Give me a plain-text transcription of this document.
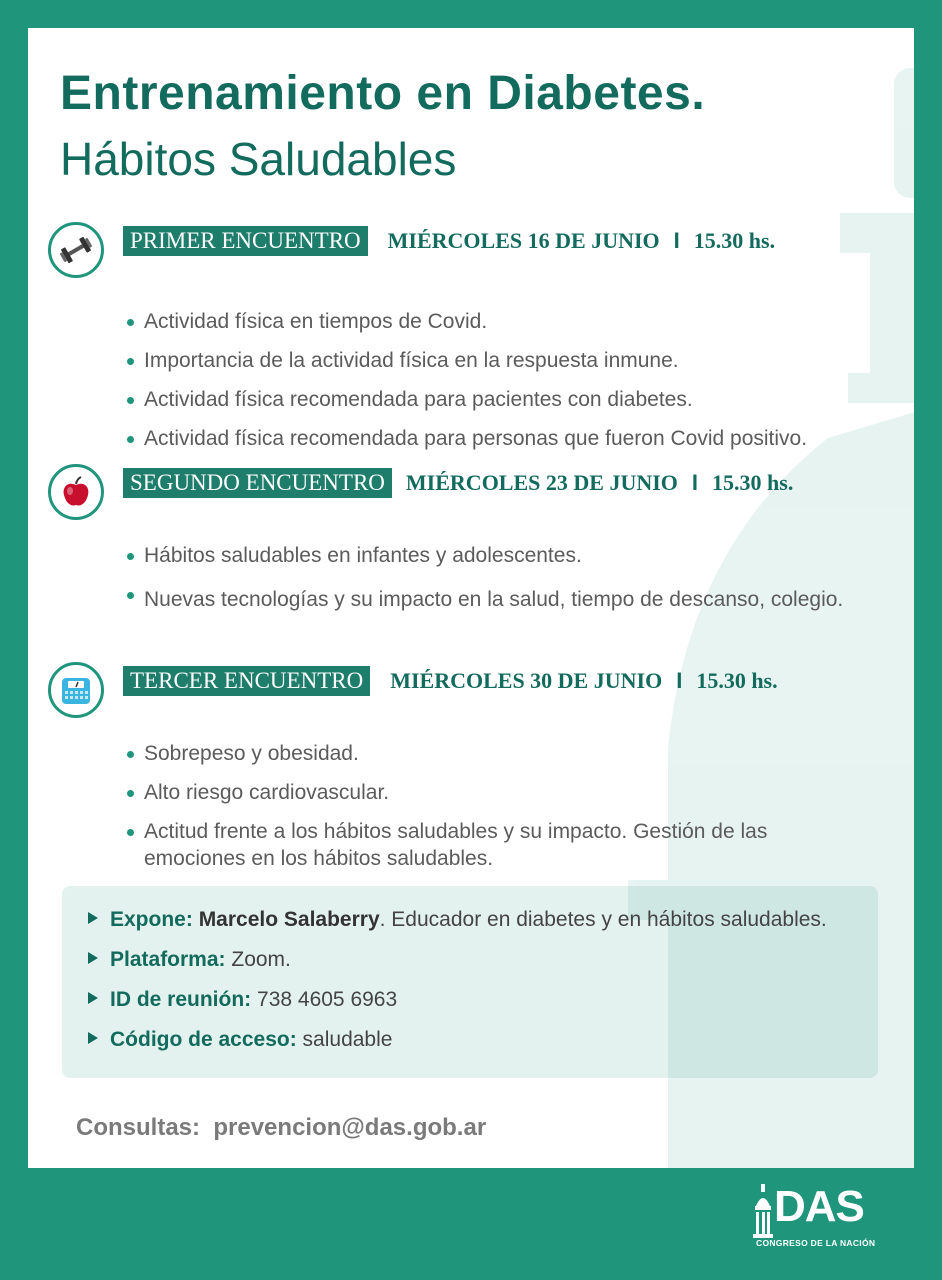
Entrenamiento en Diabetes.
Hábitos Saludables
PRIMER ENCUENTRO	MIÉRCOLES 16 DE JUNIO I 15.30 hs.
Actividad física en tiempos de Covid.
Importancia de la actividad física en la respuesta inmune.
Actividad física recomendada para pacientes con diabetes.
Actividad física recomendada para personas que fueron Covid positivo.
SEGUNDO ENCUENTRO MIÉRCOLES 23 DE JUNIO I 15.30 hs.
Hábitos saludables en infantes y adolescentes.
Nuevas tecnologías y su impacto en la salud, tiempo de descanso, colegio.
TERCER ENCUENTRO	MIÉRCOLES 30 DE JUNIO I 15.30 hs.
Sobrepeso y obesidad.
Alto riesgo cardiovascular.
Actitud frente a los hábitos saludables y su impacto. Gestión de las emociones en los hábitos saludables.
Expone: Marcelo Salaberry. Educador en diabetes y en hábitos saludables.
Plataforma: Zoom.
ID de reunión: 738 4605 6963
Código de acceso: saludable
Consultas: prevencion@das.gob.ar
DAS
CONGRESO DE LA NACIÓN
